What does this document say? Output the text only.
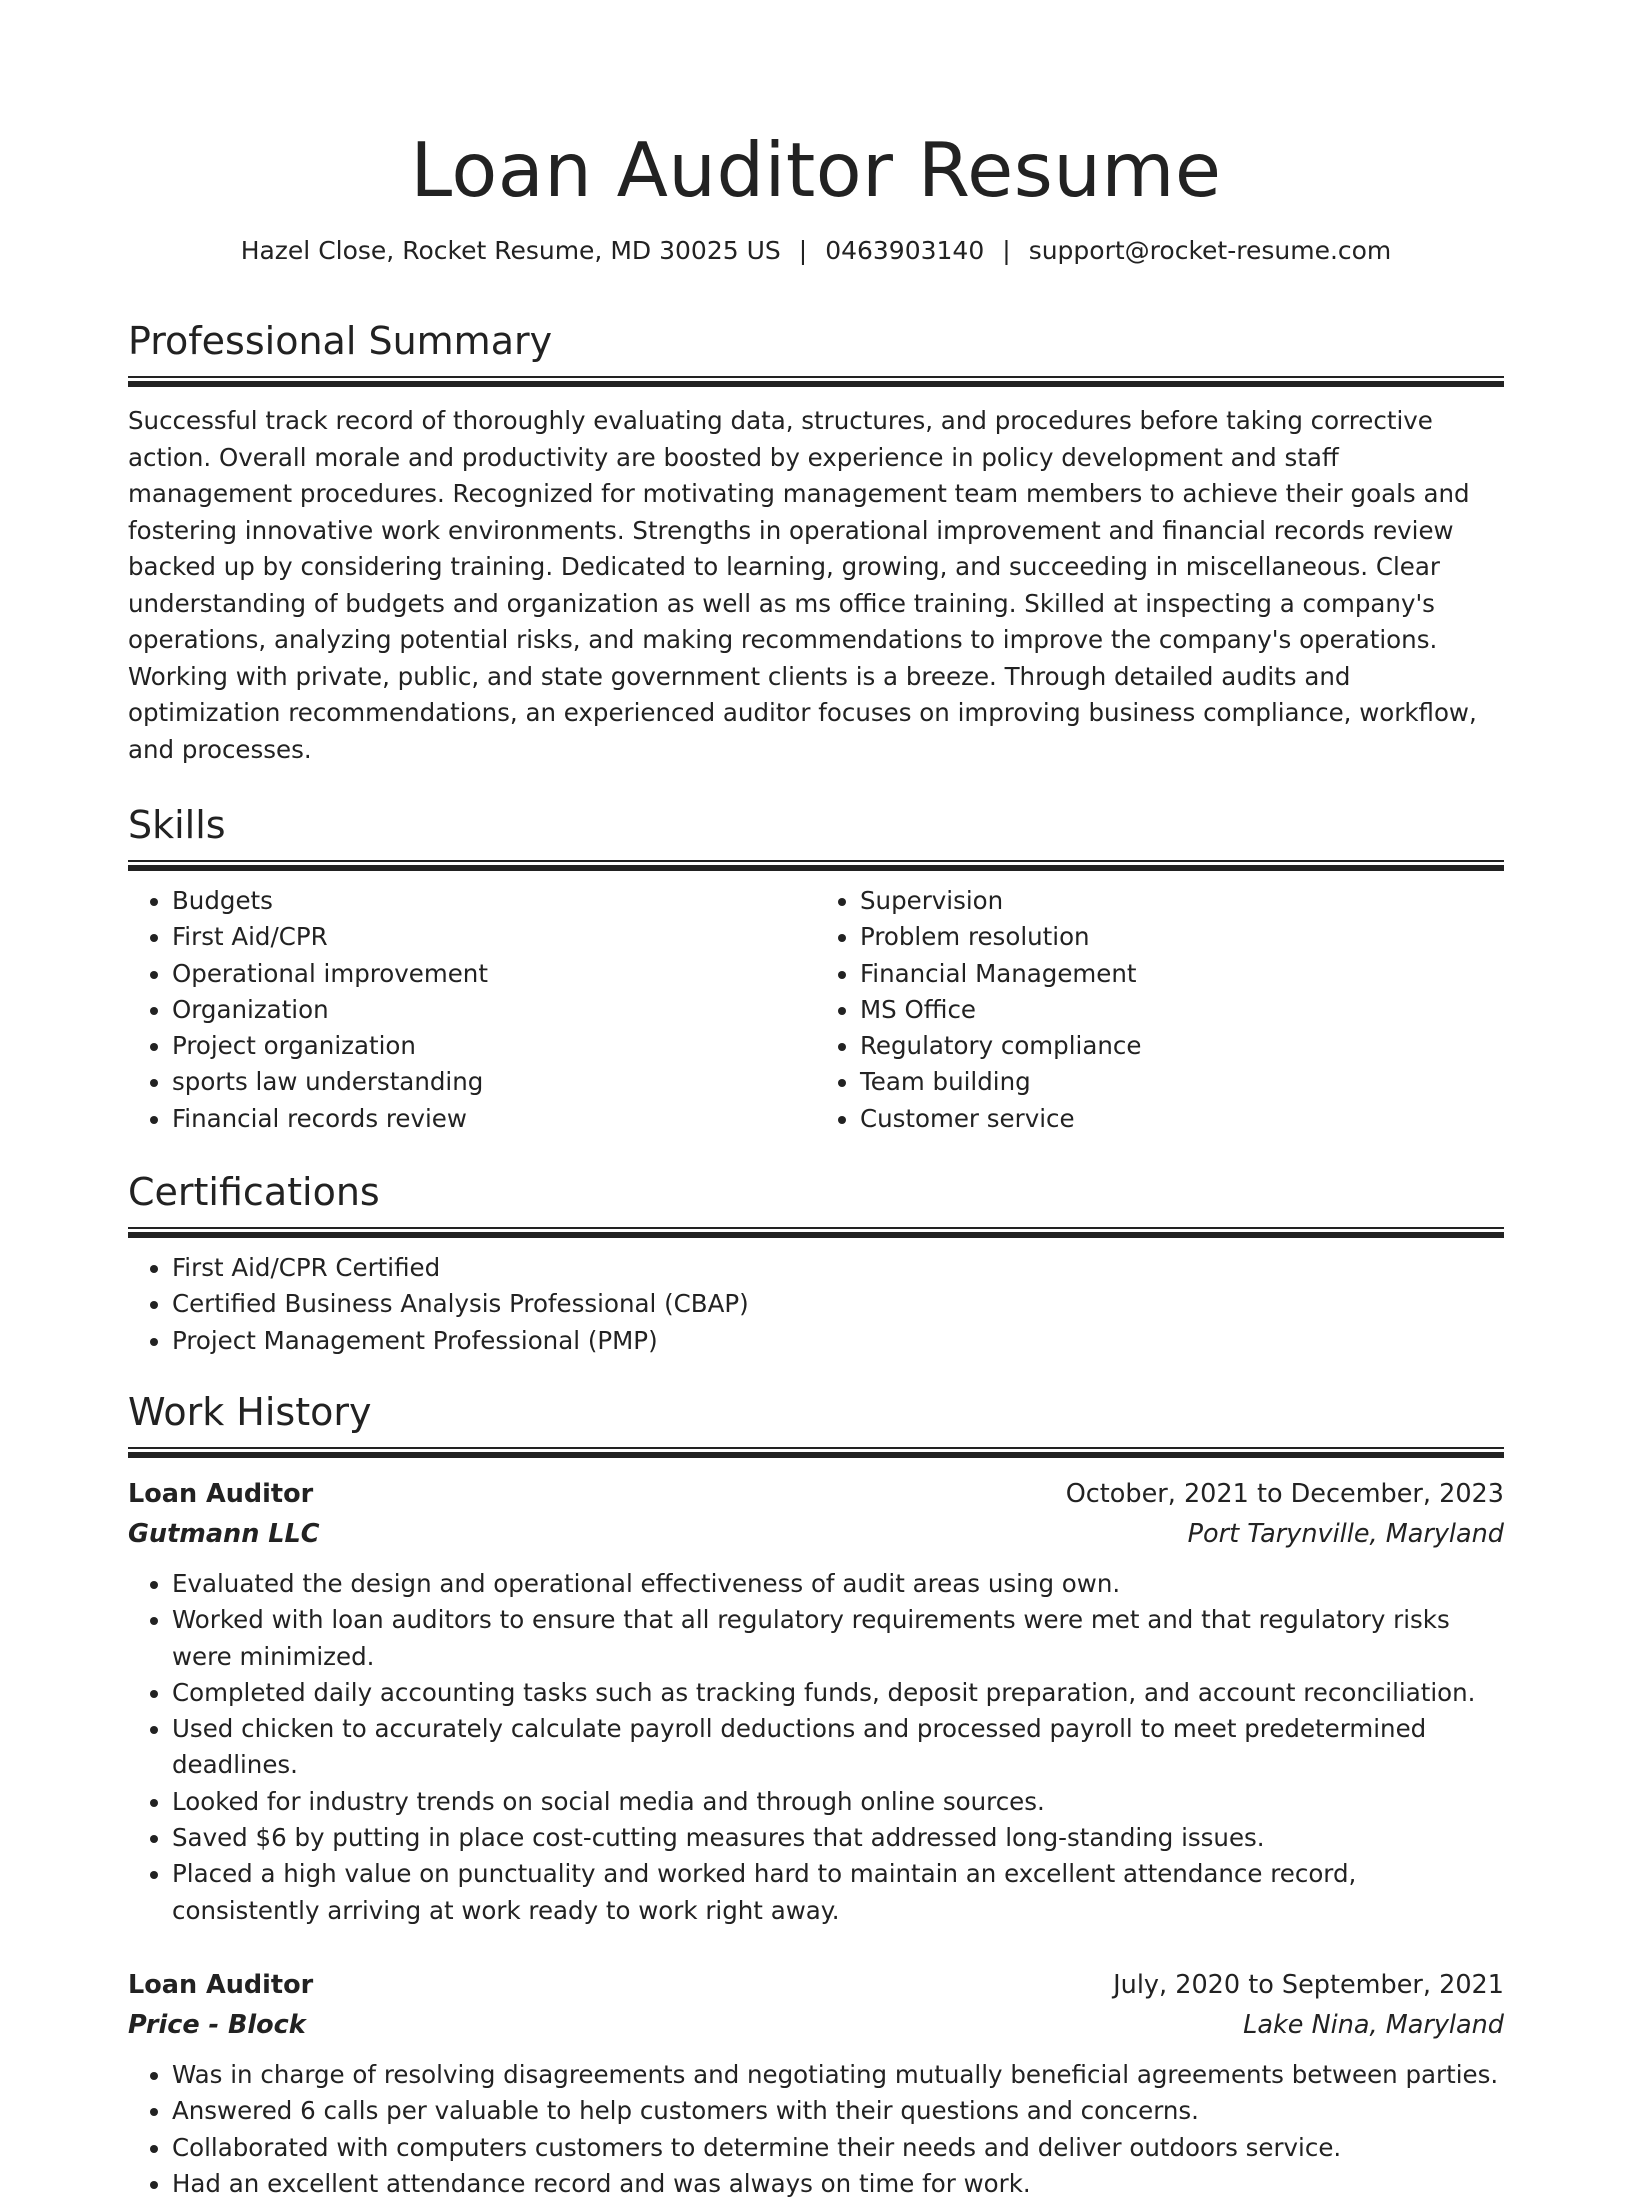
Loan Auditor Resume
Hazel Close, Rocket Resume, MD 30025 US | 0463903140 | support@rocket-resume.com
Professional Summary

Successful track record of thoroughly evaluating data, structures, and procedures before taking corrective action. Overall morale and productivity are boosted by experience in policy development and staff management procedures. Recognized for motivating management team members to achieve their goals and fostering innovative work environments. Strengths in operational improvement and financial records review backed up by considering training. Dedicated to learning, growing, and succeeding in miscellaneous. Clear understanding of budgets and organization as well as ms office training. Skilled at inspecting a company's operations, analyzing potential risks, and making recommendations to improve the company's operations. Working with private, public, and state government clients is a breeze. Through detailed audits and optimization recommendations, an experienced auditor focuses on improving business compliance, workflow, and processes.

Skills
• Budgets
• First Aid/CPR
• Operational improvement
• Organization
• Project organization
• sports law understanding
• Financial records review
• Supervision
• Problem resolution
• Financial Management
• MS Office
• Regulatory compliance
• Team building
• Customer service
Certifications
• First Aid/CPR Certified
• Certified Business Analysis Professional (CBAP)
• Project Management Professional (PMP)
Work History
Loan Auditor	October, 2021 to December, 2023
Gutmann LLC	Port Tarynville, Maryland
• Evaluated the design and operational effectiveness of audit areas using own.
• Worked with loan auditors to ensure that all regulatory requirements were met and that regulatory risks were minimized.
• Completed daily accounting tasks such as tracking funds, deposit preparation, and account reconciliation.
• Used chicken to accurately calculate payroll deductions and processed payroll to meet predetermined deadlines.
• Looked for industry trends on social media and through online sources.
• Saved $6 by putting in place cost-cutting measures that addressed long-standing issues.
• Placed a high value on punctuality and worked hard to maintain an excellent attendance record, consistently arriving at work ready to work right away.
Loan Auditor	July, 2020 to September, 2021
Price - Block	Lake Nina, Maryland
• Was in charge of resolving disagreements and negotiating mutually beneficial agreements between parties.
• Answered 6 calls per valuable to help customers with their questions and concerns.
• Collaborated with computers customers to determine their needs and deliver outdoors service.
• Had an excellent attendance record and was always on time for work.
